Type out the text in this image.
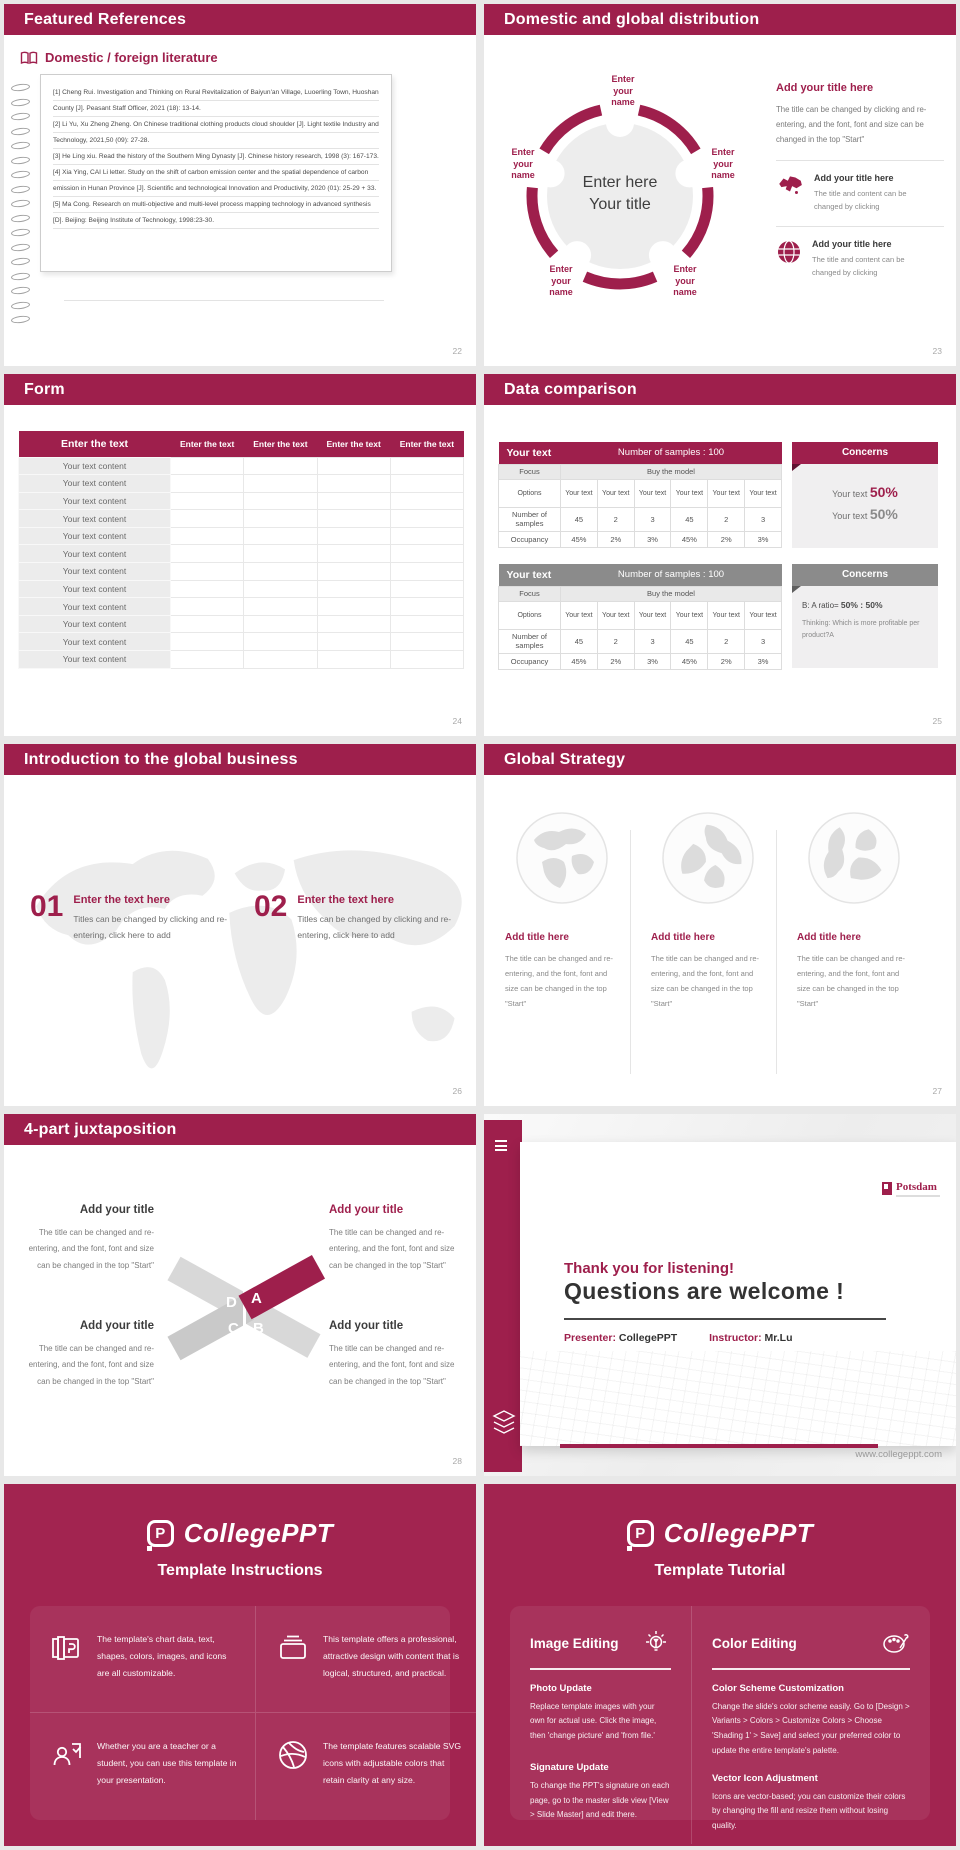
Featured References
Domestic / foreign literature

[1] Cheng Rui. Investigation and Thinking on Rural Revitalization of Baiyun'an Village, Luoerling Town, Huoshan County [J]. Peasant Staff Officer, 2021 (18): 13-14.

[2] Li Yu, Xu Zheng Zheng. On Chinese traditional clothing products cloud shoulder [J]. Light textile Industry and Technology, 2021,50 (09): 27-28.

[3] He Ling xiu. Read the history of the Southern Ming Dynasty [J]. Chinese history research, 1998 (3): 167-173.

[4] Xia Ying, CAI Li letter. Study on the shift of carbon emission center and the spatial dependence of carbon emission in Hunan Province [J]. Scientific and technological Innovation and Productivity, 2020 (01): 25-29 + 33.

[5] Ma Cong. Research on multi-objective and multi-level process mapping technology in advanced synthesis [D]. Beijing: Beijing Institute of Technology, 1998:23-30.

22
Domestic and global distribution
Enter here
Your title
Enter your name
Enter your name
Enter your name
Enter your name
Enter your name
Add your title here
The title can be changed by clicking and re-entering, and the font, font and size can be changed in the top "Start"
Add your title here
The title and content can be changed by clicking
Add your title here
The title and content can be changed by clicking
23
Form
Enter the text	Enter the text	Enter the text	Enter the text	Enter the text
Your text content				
Your text content				
Your text content				
Your text content				
Your text content				
Your text content				
Your text content				
Your text content				
Your text content				
Your text content				
Your text content				
Your text content				
24
Data comparison
Your text	Number of samples : 100					
Focus	Buy the model					
Options	Your text	Your text	Your text	Your text	Your text	Your text
Number of samples	45	2	3	45	2	3
Occupancy	45%	2%	3%	45%	2%	3%
Your text	Number of samples : 100					
Focus	Buy the model					
Options	Your text	Your text	Your text	Your text	Your text	Your text
Number of samples	45	2	3	45	2	3
Occupancy	45%	2%	3%	45%	2%	3%
Concerns
Your text 50%
Your text 50%
Concerns
B: A ratio= 50% : 50%
Thinking: Which is more profitable per product?A
25
Introduction to the global business
01 Enter the text here
Titles can be changed by clicking and re-entering, click here to add
02 Enter the text here
Titles can be changed by clicking and re-entering, click here to add
26
Global Strategy
Add title here
The title can be changed and re-entering, and the font, font and size can be changed in the top "Start"
Add title here
The title can be changed and re-entering, and the font, font and size can be changed in the top "Start"
Add title here
The title can be changed and re-entering, and the font, font and size can be changed in the top "Start"
27
4-part juxtaposition
Add your title
The title can be changed and re-entering, and the font, font and size can be changed in the top "Start"
Add your title
The title can be changed and re-entering, and the font, font and size can be changed in the top "Start"
Add your title
The title can be changed and re-entering, and the font, font and size can be changed in the top "Start"
Add your title
The title can be changed and re-entering, and the font, font and size can be changed in the top "Start"
D A
C B
28
Potsdam
Thank you for listening!
Questions are welcome !
Presenter: CollegePPT	Instructor: Mr.Lu
www.collegeppt.com
P CollegePPT
Template Instructions
The template's chart data, text, shapes, colors, images, and icons are all customizable.
This template offers a professional, attractive design with content that is logical, structured, and practical.
Whether you are a teacher or a student, you can use this template in your presentation.
The template features scalable SVG icons with adjustable colors that retain clarity at any size.
P CollegePPT
Template Tutorial
Image Editing
Photo Update
Replace template images with your own for actual use. Click the image, then 'change picture' and 'from file.'
Signature Update
To change the PPT's signature on each page, go to the master slide view [View > Slide Master] and edit there.
Color Editing
Color Scheme Customization
Change the slide's color scheme easily. Go to [Design > Variants > Colors > Customize Colors > Choose 'Shading 1' > Save] and select your preferred color to update the entire template's palette.
Vector Icon Adjustment
Icons are vector-based; you can customize their colors by changing the fill and resize them without losing quality.
